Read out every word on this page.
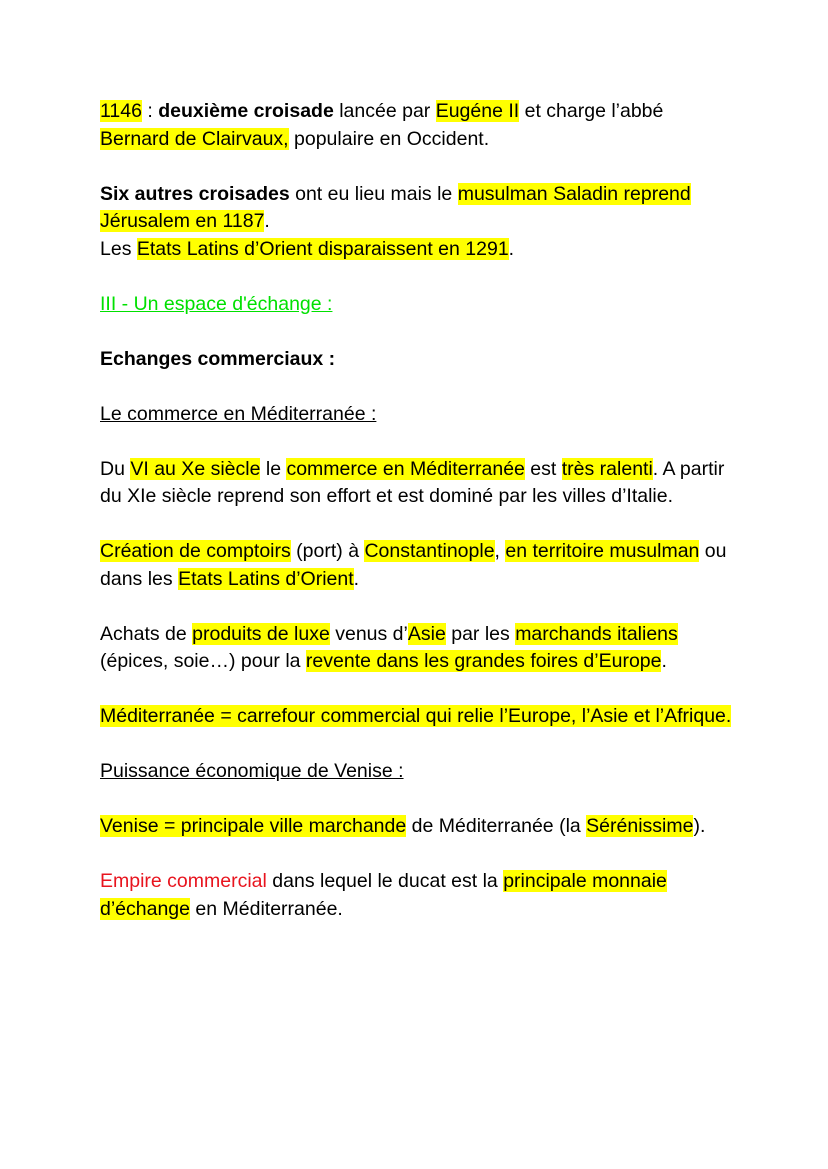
1146 : deuxième croisade lancée par Eugéne II et charge l’abbé
Bernard de Clairvaux, populaire en Occident.

Six autres croisades ont eu lieu mais le musulman Saladin reprend Jérusalem en 1187.
Les Etats Latins d’Orient disparaissent en 1291.

III - Un espace d'échange :

Echanges commerciaux :

Le commerce en Méditerranée :

Du VI au Xe siècle le commerce en Méditerranée est très ralenti. A partir du XIe siècle reprend son effort et est dominé par les villes d’Italie.

Création de comptoirs (port) à Constantinople, en territoire musulman ou dans les Etats Latins d’Orient.

Achats de produits de luxe venus d’Asie par les marchands italiens (épices, soie…) pour la revente dans les grandes foires d’Europe.

Méditerranée = carrefour commercial qui relie l’Europe, l’Asie et l’Afrique.

Puissance économique de Venise :

Venise = principale ville marchande de Méditerranée (la Sérénissime).

Empire commercial dans lequel le ducat est la principale monnaie d’échange en Méditerranée.
